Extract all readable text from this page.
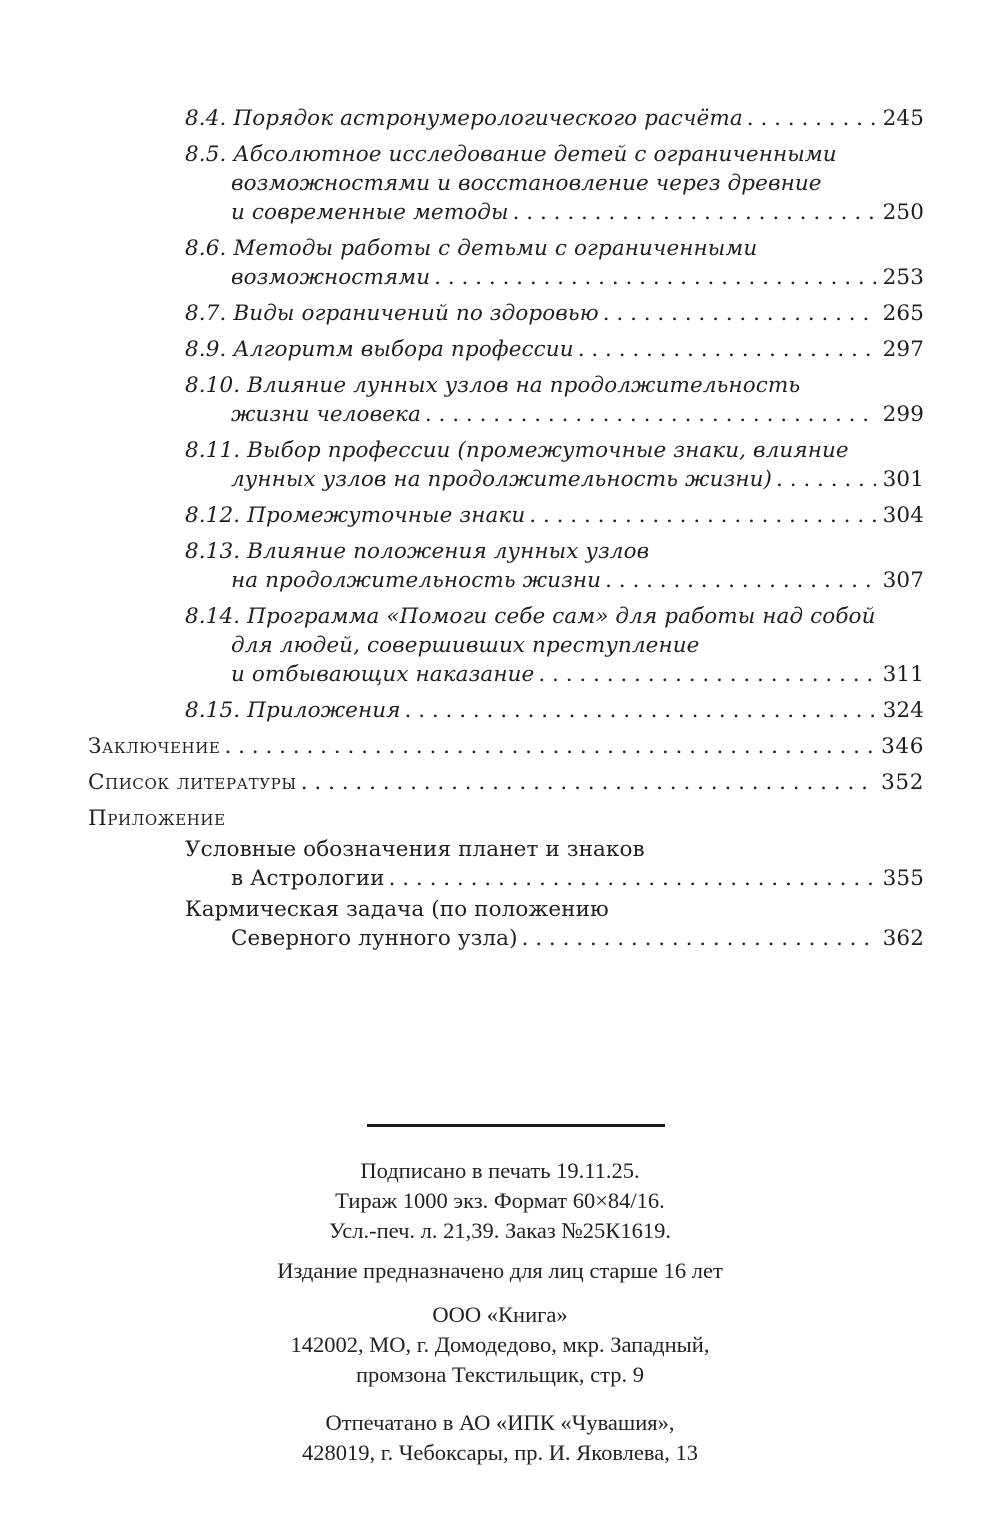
8.4. Порядок астронумерологического расчёта . . .	245
8.5. Абсолютное исследование детей с ограниченными
возможностями и восстановление через древние
и современные методы . . .	250
8.6. Методы работы с детьми с ограниченными
возможностями . . .	253
8.7. Виды ограничений по здоровью . . .	265
8.9. Алгоритм выбора профессии . . .	297
8.10. Влияние лунных узлов на продолжительность
жизни человека . . .	299
8.11. Выбор профессии (промежуточные знаки, влияние
лунных узлов на продолжительность жизни) . . .	301
8.12. Промежуточные знаки . . .	304
8.13. Влияние положения лунных узлов
на продолжительность жизни . . .	307
8.14. Программа «Помоги себе сам» для работы над собой
для людей, совершивших преступление
и отбывающих наказание . . .	311
8.15. Приложения . . .	324
Заключение . . .	346
Список литературы . . .	352
Приложение
Условные обозначения планет и знаков
в Астрологии . . .	355
Кармическая задача (по положению
Северного лунного узла) . . .	362

Подписано в печать 19.11.25.

Тираж 1000 экз. Формат 60×84/16.

Усл.-печ. л. 21,39. Заказ №25К1619.

Издание предназначено для лиц старше 16 лет

ООО «Книга»

142002, МО, г. Домодедово, мкр. Западный,

промзона Текстильщик, стр. 9

Отпечатано в АО «ИПК «Чувашия»,

428019, г. Чебоксары, пр. И. Яковлева, 13
